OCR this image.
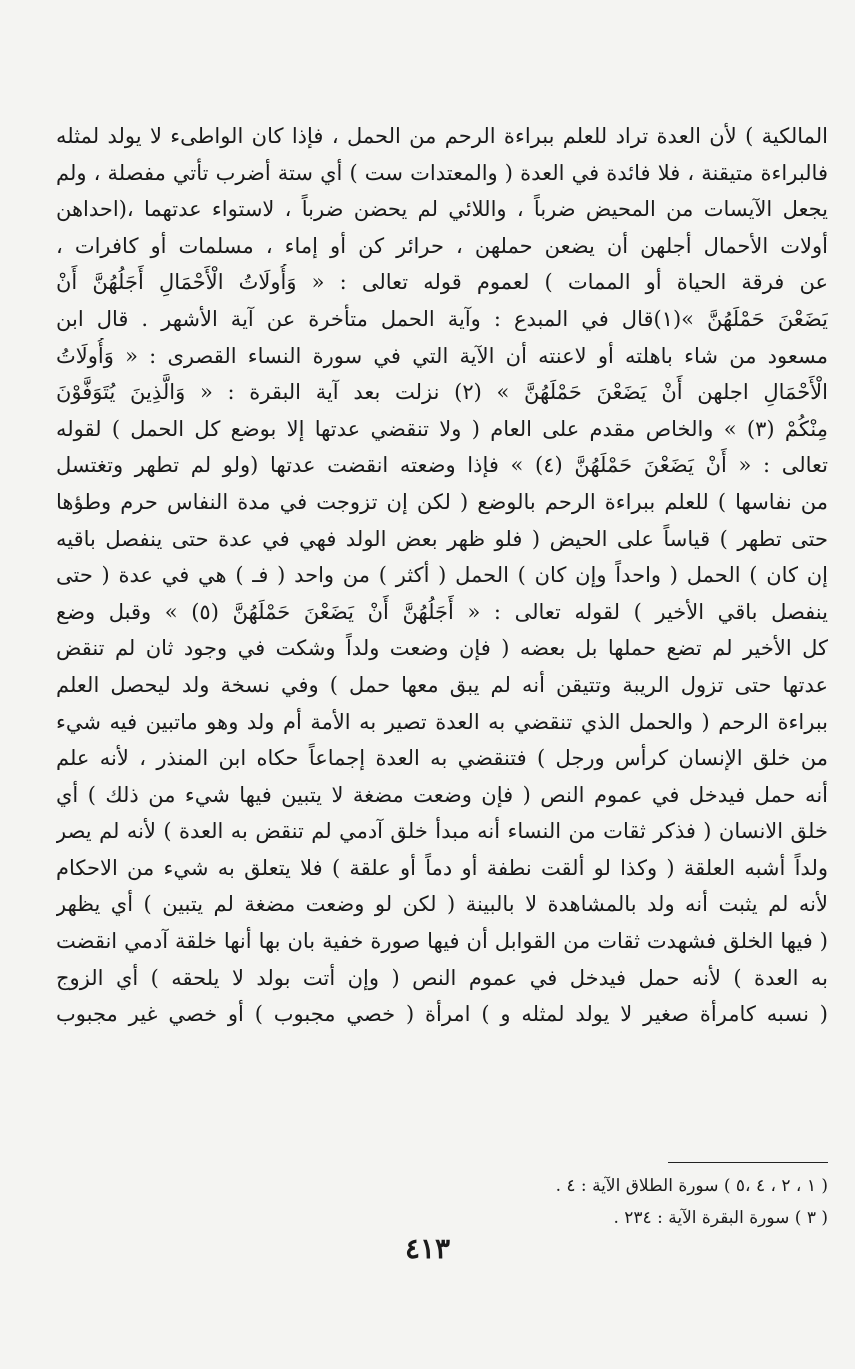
المالكية ) لأن العدة تراد للعلم ببراءة الرحم من الحمل ، فإذا كان الواطىء لا يولد لمثله
فالبراءة متيقنة ، فلا فائدة في العدة ( والمعتدات ست ) أي ستة أضرب تأتي مفصلة ، ولم
يجعل الآيسات من المحيض ضرباً ، واللائي لم يحضن ضرباً ، لاستواء عدتهما ،(احداهن
أولات الأحمال أجلهن أن يضعن حملهن ، حرائر كن أو إماء ، مسلمات أو كافرات ،
عن فرقة الحياة أو الممات ) لعموم قوله تعالى : « وَأُولَاتُ الْأَحْمَالِ أَجَلُهُنَّ أَنْ
يَضَعْنَ حَمْلَهُنَّ »(١)قال في المبدع : وآية الحمل متأخرة عن آية الأشهر . قال ابن
مسعود من شاء باهلته أو لاعنته أن الآية التي في سورة النساء القصرى : « وَأُولَاتُ
الْأَحْمَالِ اجلهن أَنْ يَضَعْنَ حَمْلَهُنَّ » (٢) نزلت بعد آية البقرة : « وَالَّذِينَ يُتَوَفَّوْنَ
مِنْكُمْ (٣) » والخاص مقدم على العام ( ولا تنقضي عدتها إلا بوضع كل الحمل ) لقوله
تعالى : « أَنْ يَضَعْنَ حَمْلَهُنَّ (٤) » فإذا وضعته انقضت عدتها (ولو لم تطهر وتغتسل
من نفاسها ) للعلم ببراءة الرحم بالوضع ( لكن إن تزوجت في مدة النفاس حرم وطؤها
حتى تطهر ) قياساً على الحيض ( فلو ظهر بعض الولد فهي في عدة حتى ينفصل باقيه
إن كان ) الحمل ( واحداً وإن كان ) الحمل ( أكثر ) من واحد ( فـ ) هي في عدة ( حتى
ينفصل باقي الأخير ) لقوله تعالى : « أَجَلُهُنَّ أَنْ يَضَعْنَ حَمْلَهُنَّ (٥) » وقبل وضع
كل الأخير لم تضع حملها بل بعضه ( فإن وضعت ولداً وشكت في وجود ثان لم تنقض
عدتها حتى تزول الريبة وتتيقن أنه لم يبق معها حمل ) وفي نسخة ولد ليحصل العلم
ببراءة الرحم ( والحمل الذي تنقضي به العدة تصير به الأمة أم ولد وهو ماتبين فيه شيء
من خلق الإنسان كرأس ورجل ) فتنقضي به العدة إجماعاً حكاه ابن المنذر ، لأنه علم
أنه حمل فيدخل في عموم النص ( فإن وضعت مضغة لا يتبين فيها شيء من ذلك ) أي
خلق الانسان ( فذكر ثقات من النساء أنه مبدأ خلق آدمي لم تنقض به العدة ) لأنه لم يصر
ولداً أشبه العلقة ( وكذا لو ألقت نطفة أو دماً أو علقة ) فلا يتعلق به شيء من الاحكام
لأنه لم يثبت أنه ولد بالمشاهدة لا بالبينة ( لكن لو وضعت مضغة لم يتبين ) أي يظهر
( فيها الخلق فشهدت ثقات من القوابل أن فيها صورة خفية بان بها أنها خلقة آدمي انقضت
به العدة ) لأنه حمل فيدخل في عموم النص ( وإن أتت بولد لا يلحقه ) أي الزوج
( نسبه كامرأة صغير لا يولد لمثله و ) امرأة ( خصي مجبوب ) أو خصي غير مجبوب
( ١ ، ٢ ، ٤ ،٥ ) سورة الطلاق الآية : ٤ .
( ٣ ) سورة البقرة الآية : ٢٣٤ .
٤١٣
